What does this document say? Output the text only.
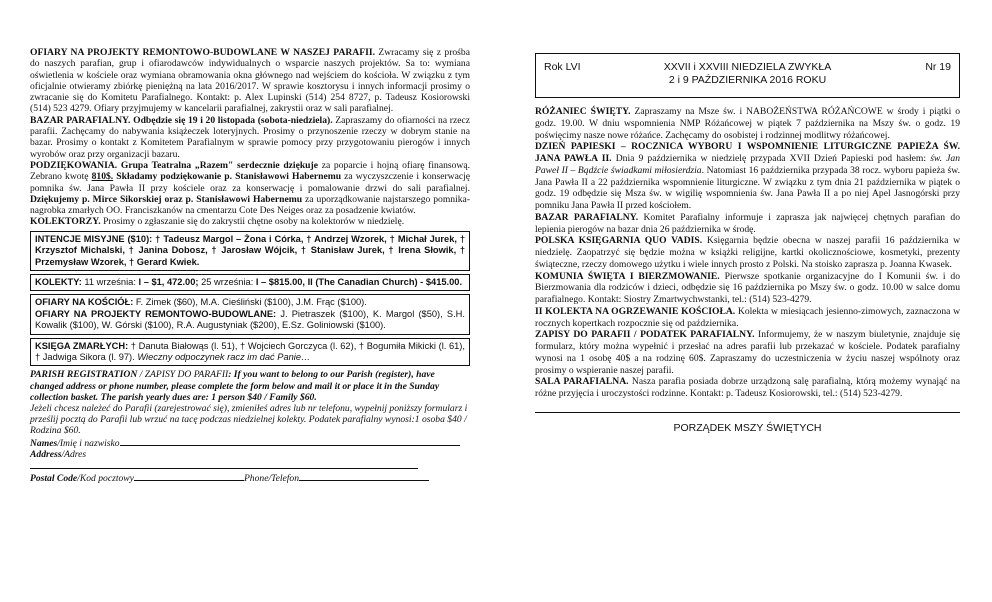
OFIARY NA PROJEKTY REMONTOWO-BUDOWLANE W NASZEJ PARAFII. Zwracamy się z prośba do naszych parafian, grup i ofiarodawców indywidualnych o wsparcie naszych projektów. Sa to: wymiana oświetlenia w kościele oraz wymiana obramowania okna głównego nad wejściem do kościoła. W związku z tym oficjalnie otwieramy zbiórkę pieniężną na lata 2016/2017. W sprawie kosztorysu i innych informacji prosimy o zwracanie się do Komitetu Parafialnego. Kontakt: p. Alex Lupinski (514) 254 8727, p. Tadeusz Kosiorowski (514) 523 4279. Ofiary przyjmujemy w kancelarii parafialnej, zakrystii oraz w sali parafialnej.

BAZAR PARAFIALNY. Odbędzie się 19 i 20 listopada (sobota-niedziela). Zapraszamy do ofiarności na rzecz parafii. Zachęcamy do nabywania książeczek loteryjnych. Prosimy o przynoszenie rzeczy w dobrym stanie na bazar. Prosimy o kontakt z Komitetem Parafialnym w sprawie pomocy przy przygotowaniu pierogów i innych wyrobów oraz przy organizacji bazaru.

PODZIĘKOWANIA. Grupa Teatralna „Razem" serdecznie dziękuje za poparcie i hojną ofiarę finansową. Zebrano kwotę 810$. Składamy podziękowanie p. Stanisławowi Habernemu za wyczyszczenie i konserwację pomnika św. Jana Pawła II przy kościele oraz za konserwację i pomalowanie drzwi do sali parafialnej. Dziękujemy p. Mirce Sikorskiej oraz p. Stanisławowi Habernemu za uporządkowanie najstarszego pomnika-nagrobka zmarłych OO. Franciszkanów na cmentarzu Cote Des Neiges oraz za posadzenie kwiatów.

KOLEKTORZY. Prosimy o zgłaszanie się do zakrystii chętne osoby na kolektorów w niedzielę.

INTENCJE MISYJNE ($10): † Tadeusz Margol – Żona i Córka, † Andrzej Wzorek, † Michał Jurek, † Krzysztof Michalski, † Janina Dobosz, † Jarosław Wójcik, † Stanisław Jurek, † Irena Słowik, † Przemysław Wzorek, † Gerard Kwiek.
KOLEKTY: 11 września: I – $1, 472.00; 25 września: I – $815.00, II (The Canadian Church) - $415.00.
OFIARY NA KOŚCIÓŁ: F. Zimek ($60), M.A. Cieśliński ($100), J.M. Frąc ($100).
OFIARY NA PROJEKTY REMONTOWO-BUDOWLANE: J. Pietraszek ($100), K. Margol ($50), S.H. Kowalik ($100), W. Górski ($100), R.A. Augustyniak ($200), E.Sz. Goliniowski ($100).
KSIĘGA ZMARŁYCH: † Danuta Białowąs (l. 51), † Wojciech Gorczyca (l. 62), † Bogumiła Mikicki (l. 61), † Jadwiga Sikora (l. 97). Wieczny odpoczynek racz im dać Panie…
PARISH REGISTRATION / ZAPISY DO PARAFII: If you want to belong to our Parish (register), have changed address or phone number, please complete the form below and mail it or place it in the Sunday collection basket. The parish yearly dues are: 1 person $40 / Family $60.
Jeżeli chcesz należeć do Parafii (zarejestrować się), zmieniłeś adres lub nr telefonu, wypełnij poniższy formularz i prześlij pocztą do Parafii lub wrzuć na tacę podczas niedzielnej kolekty. Podatek parafialny wynosi:1 osoba $40 / Rodzina $60.
Names/Imię i nazwisko
Address/Adres
Postal Code/Kod pocztowy	Phone/Telefon
Rok LVI	XXVII i XXVIII NIEDZIELA ZWYKŁA
2 i 9 PAŹDZIERNIKA 2016 ROKU
Nr 19

RÓŻANIEC ŚWIĘTY. Zapraszamy na Msze św. i NABOŻEŃSTWA RÓŻAŃCOWE w środy i piątki o godz. 19.00. W dniu wspomnienia NMP Różańcowej w piątek 7 października na Mszy św. o godz. 19 poświęcimy nasze nowe różańce. Zachęcamy do osobistej i rodzinnej modlitwy różańcowej.

DZIEŃ PAPIESKI – ROCZNICA WYBORU I WSPOMNIENIE LITURGICZNE PAPIEŻA ŚW. JANA PAWŁA II. Dnia 9 października w niedzielę przypada XVII Dzień Papieski pod hasłem: św. Jan Paweł II – Bądźcie świadkami miłosierdzia. Natomiast 16 października przypada 38 rocz. wyboru papieża św. Jana Pawła II a 22 października wspomnienie liturgiczne. W związku z tym dnia 21 października w piątek o godz. 19 odbędzie się Msza św. w wigilię wspomnienia św. Jana Pawła II a po niej Apel Jasnogórski przy pomniku Jana Pawła II przed kościołem.

BAZAR PARAFIALNY. Komitet Parafialny informuje i zaprasza jak najwięcej chętnych parafian do lepienia pierogów na bazar dnia 26 października w środę.

POLSKA KSIĘGARNIA QUO VADIS. Księgarnia będzie obecna w naszej parafii 16 października w niedzielę. Zaopatrzyć się będzie można w książki religijne, kartki okolicznościowe, kosmetyki, prezenty świąteczne, rzeczy domowego użytku i wiele innych prosto z Polski. Na stoisko zaprasza p. Joanna Kwasek.

KOMUNIA ŚWIĘTA I BIERZMOWANIE. Pierwsze spotkanie organizacyjne do I Komunii św. i do Bierzmowania dla rodziców i dzieci, odbędzie się 16 października po Mszy św. o godz. 10.00 w salce domu parafialnego. Kontakt: Siostry Zmartwychwstanki, tel.: (514) 523-4279.

II KOLEKTA NA OGRZEWANIE KOŚCIOŁA. Kolekta w miesiącach jesienno-zimowych, zaznaczona w rocznych kopertkach rozpocznie się od października.

ZAPISY DO PARAFII / PODATEK PARAFIALNY. Informujemy, że w naszym biuletynie, znajduje się formularz, który można wypełnić i przesłać na adres parafii lub przekazać w kościele. Podatek parafialny wynosi na 1 osobę 40$ a na rodzinę 60$. Zapraszamy do uczestniczenia w życiu naszej wspólnoty oraz prosimy o wspieranie naszej parafii.

SALA PARAFIALNA. Nasza parafia posiada dobrze urządzoną salę parafialną, którą możemy wynająć na różne przyjęcia i uroczystości rodzinne. Kontakt: p. Tadeusz Kosiorowski, tel.: (514) 523-4279.

PORZĄDEK MSZY ŚWIĘTYCH
